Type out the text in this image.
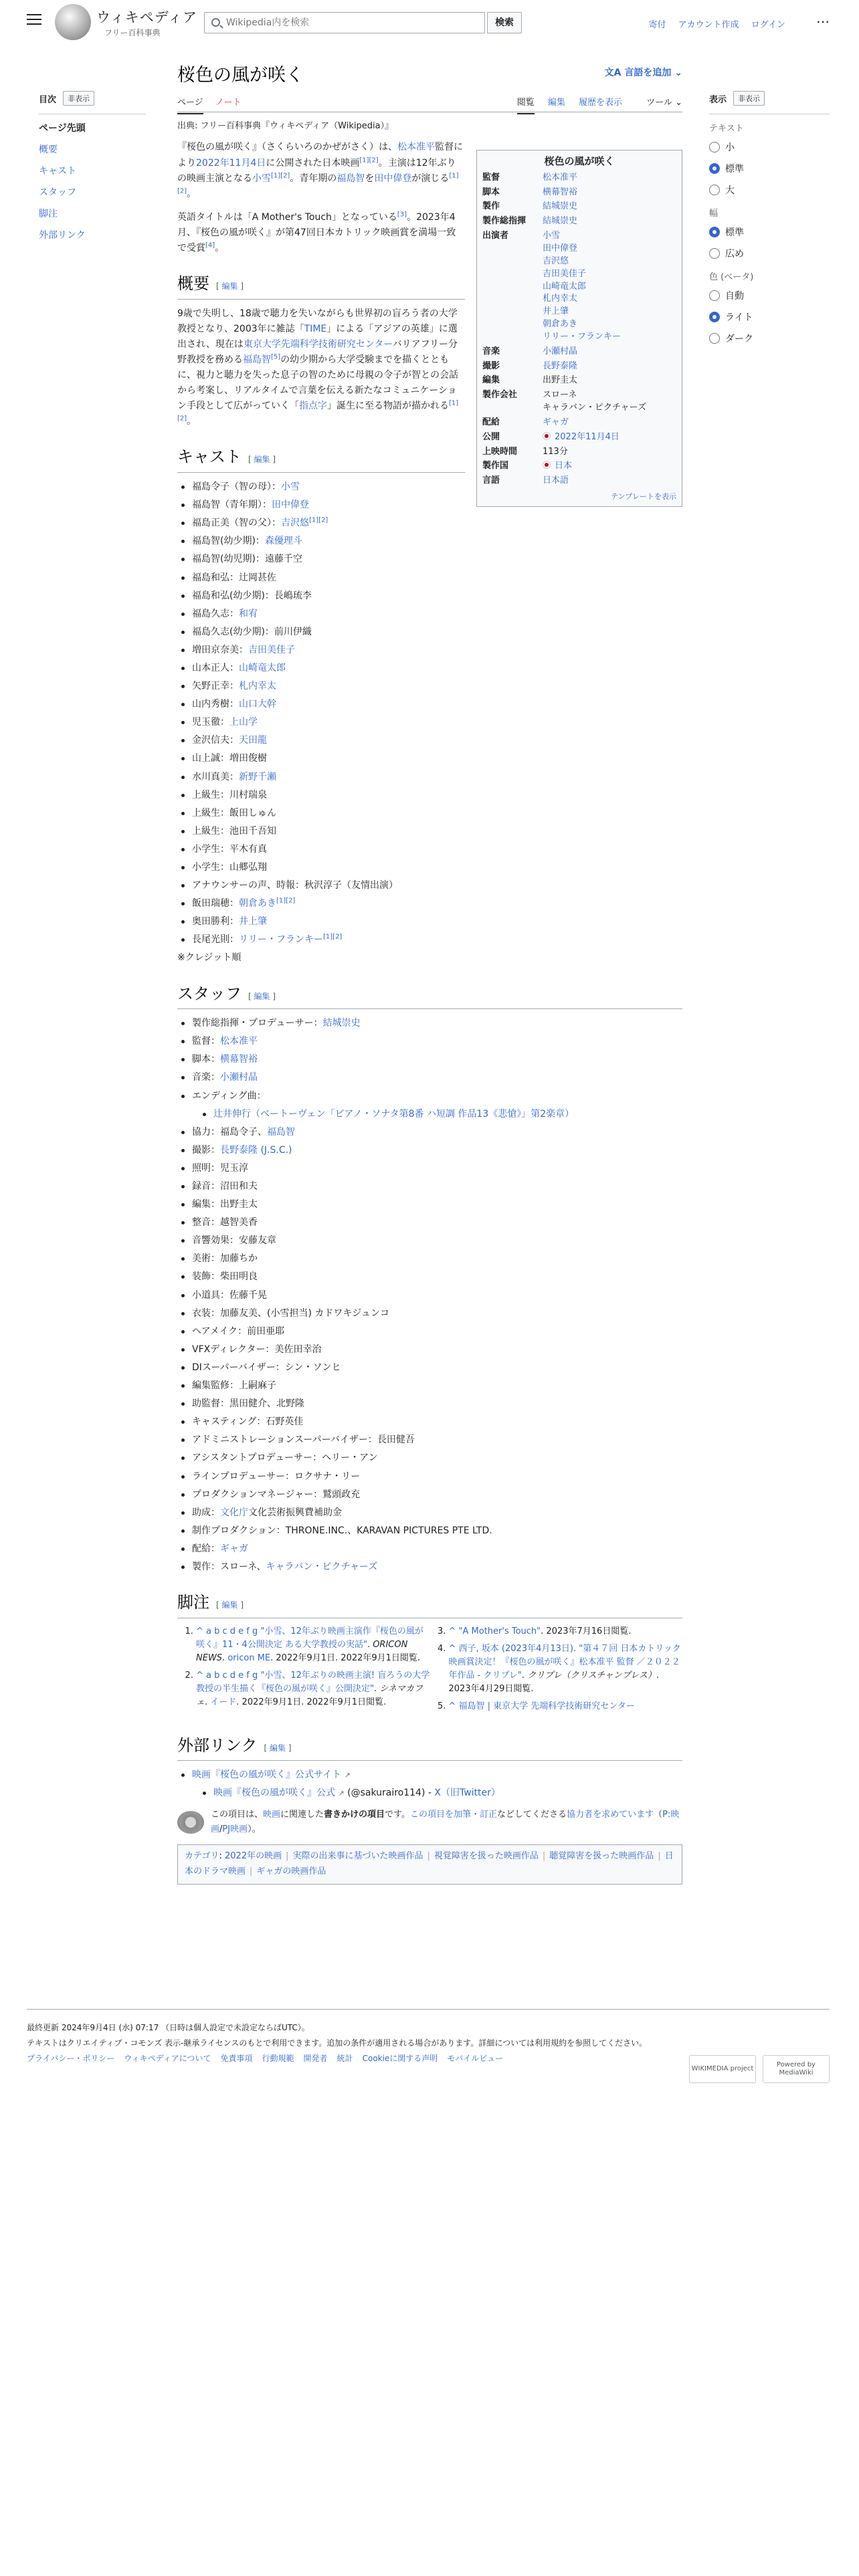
ウィキペディア
フリー百科事典
Wikipedia内を検索
検索	寄付 アカウント作成 ログイン ⋯
目次	非表示
ページ先頭
概要
キャスト
スタッフ
脚注
外部リンク
表示	非表示
テキスト
小
標準
大
幅
標準
広め
色 (ベータ)
自動
ライト
ダーク
桜色の風が咲く	文A 言語を追加 ⌄
ページ ノート	閲覧 編集 履歴を表示	ツール ⌄
桜色の風が咲く
監督	松本准平
脚本	横幕智裕
製作	結城崇史
製作総指揮	結城崇史
出演者	小雪
田中偉登
吉沢悠
吉田美佳子
山崎竜太郎
札内幸太
井上肇
朝倉あき
リリー・フランキー
音楽	小瀬村晶
撮影	長野泰隆
編集	出野圭太
製作会社	スローネ
キャラバン・ピクチャーズ
配給	ギャガ
公開	2022年11月4日
上映時間	113分
製作国	日本
言語	日本語
テンプレートを表示
出典: フリー百科事典『ウィキペディア（Wikipedia）』

『桜色の風が咲く』（さくらいろのかぜがさく）は、松本准平監督により2022年11月4日に公開された日本映画[1][2]。主演は12年ぶりの映画主演となる小雪[1][2]。青年期の福島智を田中偉登が演じる[1][2]。

英語タイトルは「A Mother's Touch」となっている[3]。2023年4月、『桜色の風が咲く』が第47回日本カトリック映画賞を満場一致で受賞[4]。

概要 [ 編集 ]

9歳で失明し、18歳で聴力を失いながらも世界初の盲ろう者の大学教授となり、2003年に雑誌「TIME」による「アジアの英雄」に選出され、現在は東京大学先端科学技術研究センターバリアフリー分野教授を務める福島智[5]の幼少期から大学受験までを描くとともに、視力と聴力を失った息子の智のために母親の令子が智との会話から考案し、リアルタイムで言葉を伝える新たなコミュニケーション手段として広がっていく「指点字」誕生に至る物語が描かれる[1][2]。

キャスト [ 編集 ]
福島令子（智の母）：小雪
福島智（青年期）：田中偉登
福島正美（智の父）：吉沢悠[1][2]
福島智(幼少期)：森優理斗
福島智(幼児期)：遠藤千空
福島和弘：辻岡甚佐
福島和弘(幼少期)：長嶋琉李
福島久志：和宥
福島久志(幼少期)：前川伊織
増田京奈美：吉田美佳子
山本正人：山崎竜太郎
矢野正幸：札内幸太
山内秀樹：山口大幹
児玉徹：上山学
金沢信夫：天田龍
山上誠：増田俊樹
水川真美：新野千瀬
上級生：川村瑞泉
上級生：飯田しゅん
上級生：池田千吾知
小学生：平木有真
小学生：山郷弘翔
アナウンサーの声、時報：秋沢淳子（友情出演）
飯田瑞穂：朝倉あき[1][2]
奥田勝利：井上肇
長尾光則：リリー・フランキー[1][2]

※クレジット順

スタッフ [ 編集 ]
製作総指揮・プロデューサー：結城崇史
監督：松本准平
脚本：横幕智裕
音楽：小瀬村晶
エンディング曲：
辻井伸行（ベートーヴェン「ピアノ・ソナタ第8番 ハ短調 作品13《悲愴》」第2楽章）
協力：福島令子、福島智
撮影：長野泰隆 (J.S.C.)
照明：児玉淳
録音：沼田和夫
編集：出野圭太
整音：越智美香
音響効果：安藤友章
美術：加藤ちか
装飾：柴田明良
小道具：佐藤千晃
衣装：加藤友美、(小雪担当) カドワキジュンコ
ヘアメイク：前田亜耶
VFXディレクター：美佐田幸治
DIスーパーバイザー：シン・ソンヒ
編集監修：上嗣麻子
助監督：黒田健介、北野隆
キャスティング：石野英佳
アドミニストレーションスーパーバイザー：長田健吾
アシスタントプロデューサー：ヘリー・アン
ラインプロデューサー：ロクサナ・リー
プロダクションマネージャー：鷲頭政充
助成：文化庁文化芸術振興費補助金
制作プロダクション：THRONE.INC.、KARAVAN PICTURES PTE LTD.
配給：ギャガ
製作：スローネ、キャラバン・ピクチャーズ
脚注 [ 編集 ]
1. ^ a b c d e f g "小雪、12年ぶり映画主演作『桜色の風が咲く』11・4公開決定 ある大学教授の実話". ORICON NEWS. oricon ME. 2022年9月1日. 2022年9月1日閲覧.
2. ^ a b c d e f g "小雪、12年ぶりの映画主演! 盲ろうの大学教授の半生描く『桜色の風が咲く』公開決定". シネマカフェ. イード. 2022年9月1日. 2022年9月1日閲覧.
3. ^ "A Mother's Touch". 2023年7月16日閲覧.
4. ^ 西子, 坂本 (2023年4月13日). "第４７回 日本カトリック映画賞決定！『桜色の風が咲く』松本准平 監督 ／２０２２年作品 - クリプレ". クリプレ（クリスチャンプレス）. 2023年4月29日閲覧.
5. ^ 福島智 | 東京大学 先端科学技術研究センター
外部リンク [ 編集 ]
映画『桜色の風が咲く』公式サイト ↗
映画『桜色の風が咲く』公式 ↗ (@sakurairo114) - X（旧Twitter）
この項目は、映画に関連した書きかけの項目です。この項目を加筆・訂正などしてくださる協力者を求めています（P:映画/PJ映画）。
カテゴリ: 2022年の映画 | 実際の出来事に基づいた映画作品 | 視覚障害を扱った映画作品 | 聴覚障害を扱った映画作品 | 日本のドラマ映画 | ギャガの映画作品
最終更新 2024年9月4日 (水) 07:17 （日時は個人設定で未設定ならばUTC）。
テキストはクリエイティブ・コモンズ 表示-継承ライセンスのもとで利用できます。追加の条件が適用される場合があります。詳細については利用規約を参照してください。
プライバシー・ポリシー ウィキペディアについて 免責事項 行動規範 開発者 統計 Cookieに関する声明 モバイルビュー
WIKIMEDIA project
Powered by MediaWiki
